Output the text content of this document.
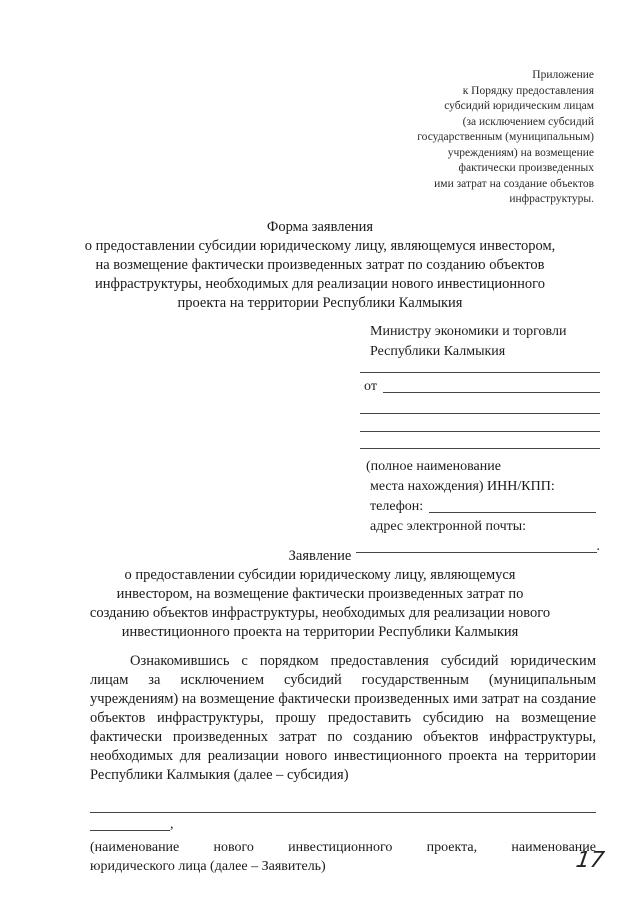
Приложение
к Порядку предоставления
субсидий юридическим лицам
(за исключением субсидий
государственным (муниципальным)
учреждениям) на возмещение
фактически произведенных
ими затрат на создание объектов
инфраструктуры.
Форма заявления
о предоставлении субсидии юридическому лицу, являющемуся инвестором,
на возмещение фактически произведенных затрат по созданию объектов
инфраструктуры, необходимых для реализации нового инвестиционного
проекта на территории Республики Калмыкия
Министру экономики и торговли
Республики Калмыкия
от
(полное наименование
места нахождения) ИНН/КПП:
телефон:
адрес электронной почты:
.
Заявление
о предоставлении субсидии юридическому лицу, являющемуся
инвестором, на возмещение фактически произведенных затрат по
созданию объектов инфраструктуры, необходимых для реализации нового
инвестиционного проекта на территории Республики Калмыкия
Ознакомившись с порядком предоставления субсидий юридическим лицам за исключением субсидий государственным (муниципальным учреждениям) на возмещение фактически произведенных ими затрат на создание объектов инфраструктуры, прошу предоставить субсидию на возмещение фактически произведенных затрат по созданию объектов инфраструктуры, необходимых для реализации нового инвестиционного проекта на территории Республики Калмыкия (далее – субсидия)
,
(наименование нового инвестиционного проекта, наименование
юридического лица (далее – Заявитель)	17
